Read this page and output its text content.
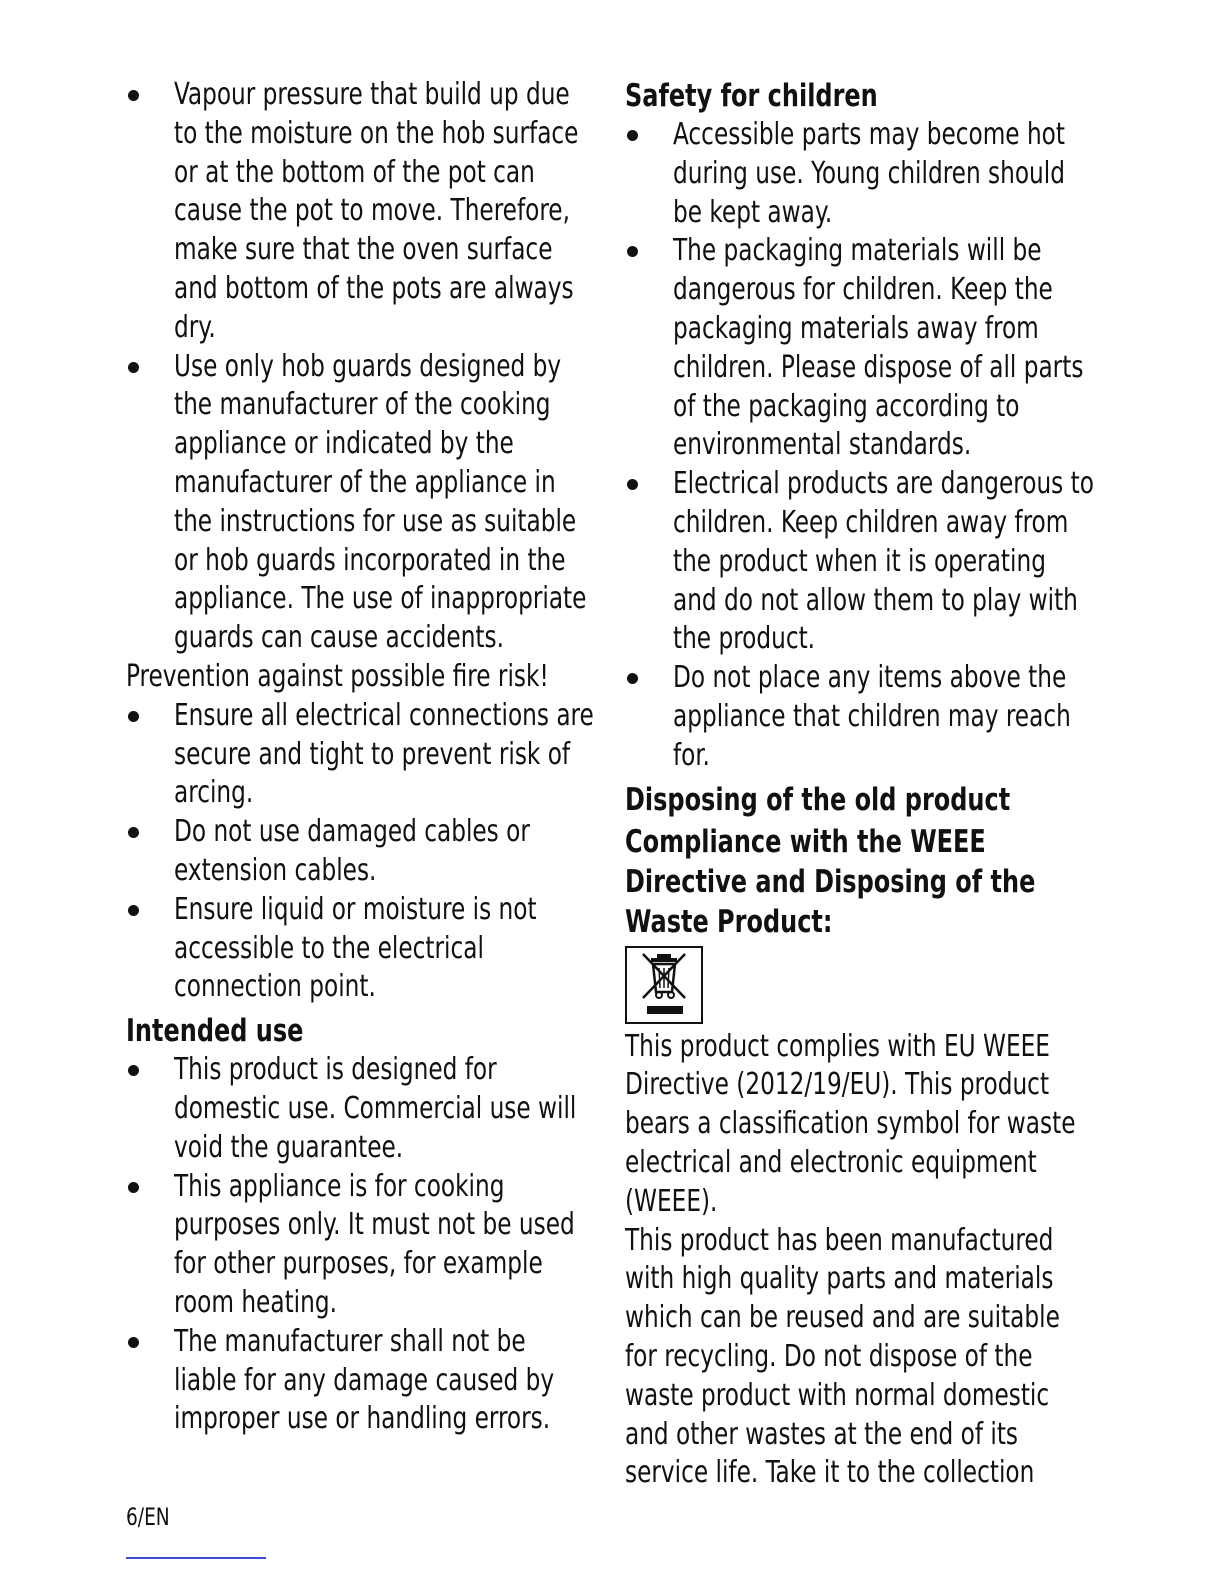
Vapour pressure that build up due to the moisture on the hob surface or at the bottom of the pot can cause the pot to move. Therefore, make sure that the oven surface and bottom of the pots are always dry.
Use only hob guards designed by the manufacturer of the cooking appliance or indicated by the manufacturer of the appliance in the instructions for use as suitable or hob guards incorporated in the appliance. The use of inappropriate guards can cause accidents.

Prevention against possible fire risk!

Ensure all electrical connections are secure and tight to prevent risk of arcing.
Do not use damaged cables or extension cables.
Ensure liquid or moisture is not accessible to the electrical connection point.

Intended use

This product is designed for domestic use. Commercial use will void the guarantee.
This appliance is for cooking purposes only. It must not be used for other purposes, for example room heating.
The manufacturer shall not be liable for any damage caused by improper use or handling errors.

Safety for children

Accessible parts may become hot during use. Young children should be kept away.
The packaging materials will be dangerous for children. Keep the packaging materials away from children. Please dispose of all parts of the packaging according to environmental standards.
Electrical products are dangerous to children. Keep children away from the product when it is operating and do not allow them to play with the product.
Do not place any items above the appliance that children may reach for.

Disposing of the old product

Compliance with the WEEE Directive and Disposing of the Waste Product:

This product complies with EU WEEE Directive (2012/19/EU). This product bears a classification symbol for waste electrical and electronic equipment (WEEE).

This product has been manufactured with high quality parts and materials which can be reused and are suitable for recycling. Do not dispose of the waste product with normal domestic and other wastes at the end of its service life. Take it to the collection

6/EN
